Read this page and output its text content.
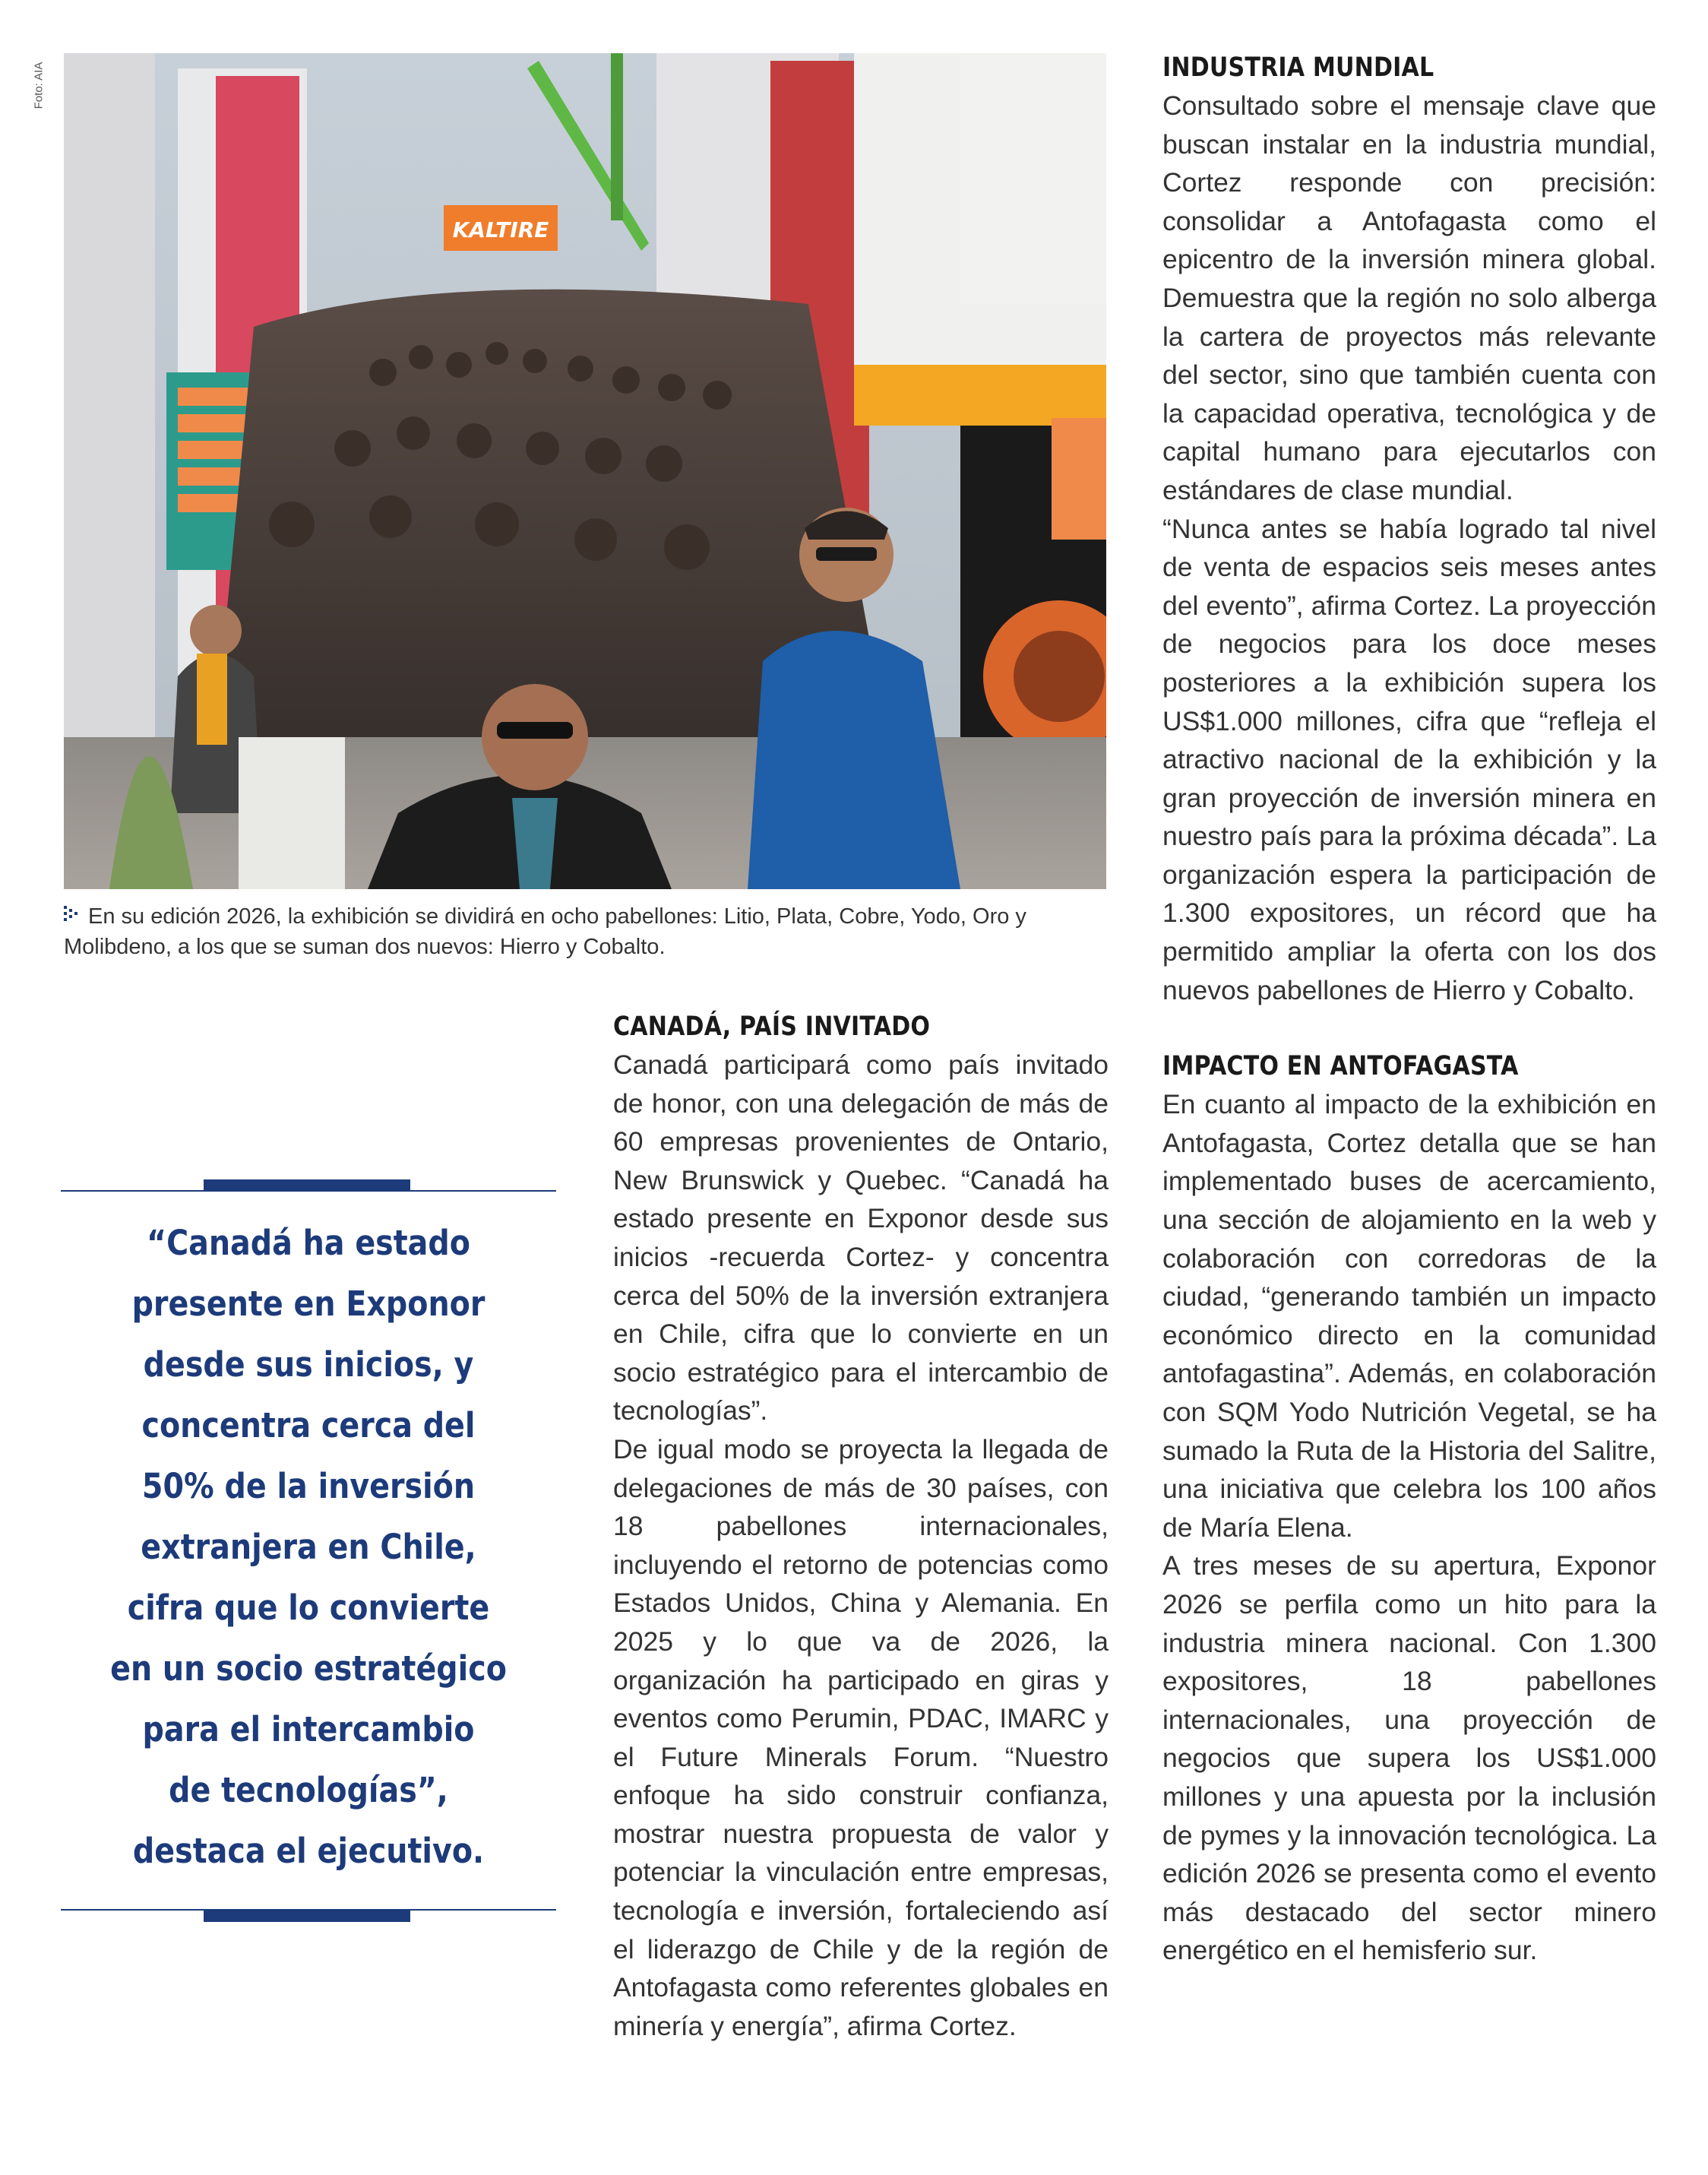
Foto: AIA
KALTIRE
En su edición 2026, la exhibición se dividirá en ocho pabellones: Litio, Plata, Cobre, Yodo, Oro y Molibdeno, a los que se suman dos nuevos: Hierro y Cobalto.
“Canadá ha estado
presente en Exponor
desde sus inicios, y
concentra cerca del
50% de la inversión
extranjera en Chile,
cifra que lo convierte
en un socio estratégico
para el intercambio
de tecnologías”,
destaca el ejecutivo.
CANADÁ, PAÍS INVITADO

Canadá participará como país invitado de honor, con una delegación de más de 60 empresas provenientes de Ontario, New Brunswick y Quebec. “Canadá ha estado presente en Exponor desde sus inicios -recuerda Cortez- y concentra cerca del 50% de la inversión extranjera en Chile, cifra que lo convierte en un socio estratégico para el intercambio de tecnologías”.

De igual modo se proyecta la llegada de delegaciones de más de 30 países, con 18 pabellones internacionales, incluyendo el retorno de potencias como Estados Unidos, China y Alemania. En 2025 y lo que va de 2026, la organización ha participado en giras y eventos como Perumin, PDAC, IMARC y el Future Minerals Forum. “Nuestro enfoque ha sido construir confianza, mostrar nuestra propuesta de valor y potenciar la vinculación entre empresas, tecnología e inversión, fortaleciendo así el liderazgo de Chile y de la región de Antofagasta como referentes globales en minería y energía”, afirma Cortez.

INDUSTRIA MUNDIAL

Consultado sobre el mensaje clave que buscan instalar en la industria mundial, Cortez responde con precisión: consolidar a Antofagasta como el epicentro de la inversión minera global. Demuestra que la región no solo alberga la cartera de proyectos más relevante del sector, sino que también cuenta con la capacidad operativa, tecnológica y de capital humano para ejecutarlos con estándares de clase mundial.

“Nunca antes se había logrado tal nivel de venta de espacios seis meses antes del evento”, afirma Cortez. La proyección de negocios para los doce meses posteriores a la exhibición supera los US$1.000 millones, cifra que “refleja el atractivo nacional de la exhibición y la gran proyección de inversión minera en nuestro país para la próxima década”. La organización espera la participación de 1.300 expositores, un récord que ha permitido ampliar la oferta con los dos nuevos pabellones de Hierro y Cobalto.

IMPACTO EN ANTOFAGASTA

En cuanto al impacto de la exhibición en Antofagasta, Cortez detalla que se han implementado buses de acercamiento, una sección de alojamiento en la web y colaboración con corredoras de la ciudad, “generando también un impacto económico directo en la comunidad antofagastina”. Además, en colaboración con SQM Yodo Nutrición Vegetal, se ha sumado la Ruta de la Historia del Salitre, una iniciativa que celebra los 100 años de María Elena.

A tres meses de su apertura, Exponor 2026 se perfila como un hito para la industria minera nacional. Con 1.300 expositores, 18 pabellones internacionales, una proyección de negocios que supera los US$1.000 millones y una apuesta por la inclusión de pymes y la innovación tecnológica. La edición 2026 se presenta como el evento más destacado del sector minero energético en el hemisferio sur.
